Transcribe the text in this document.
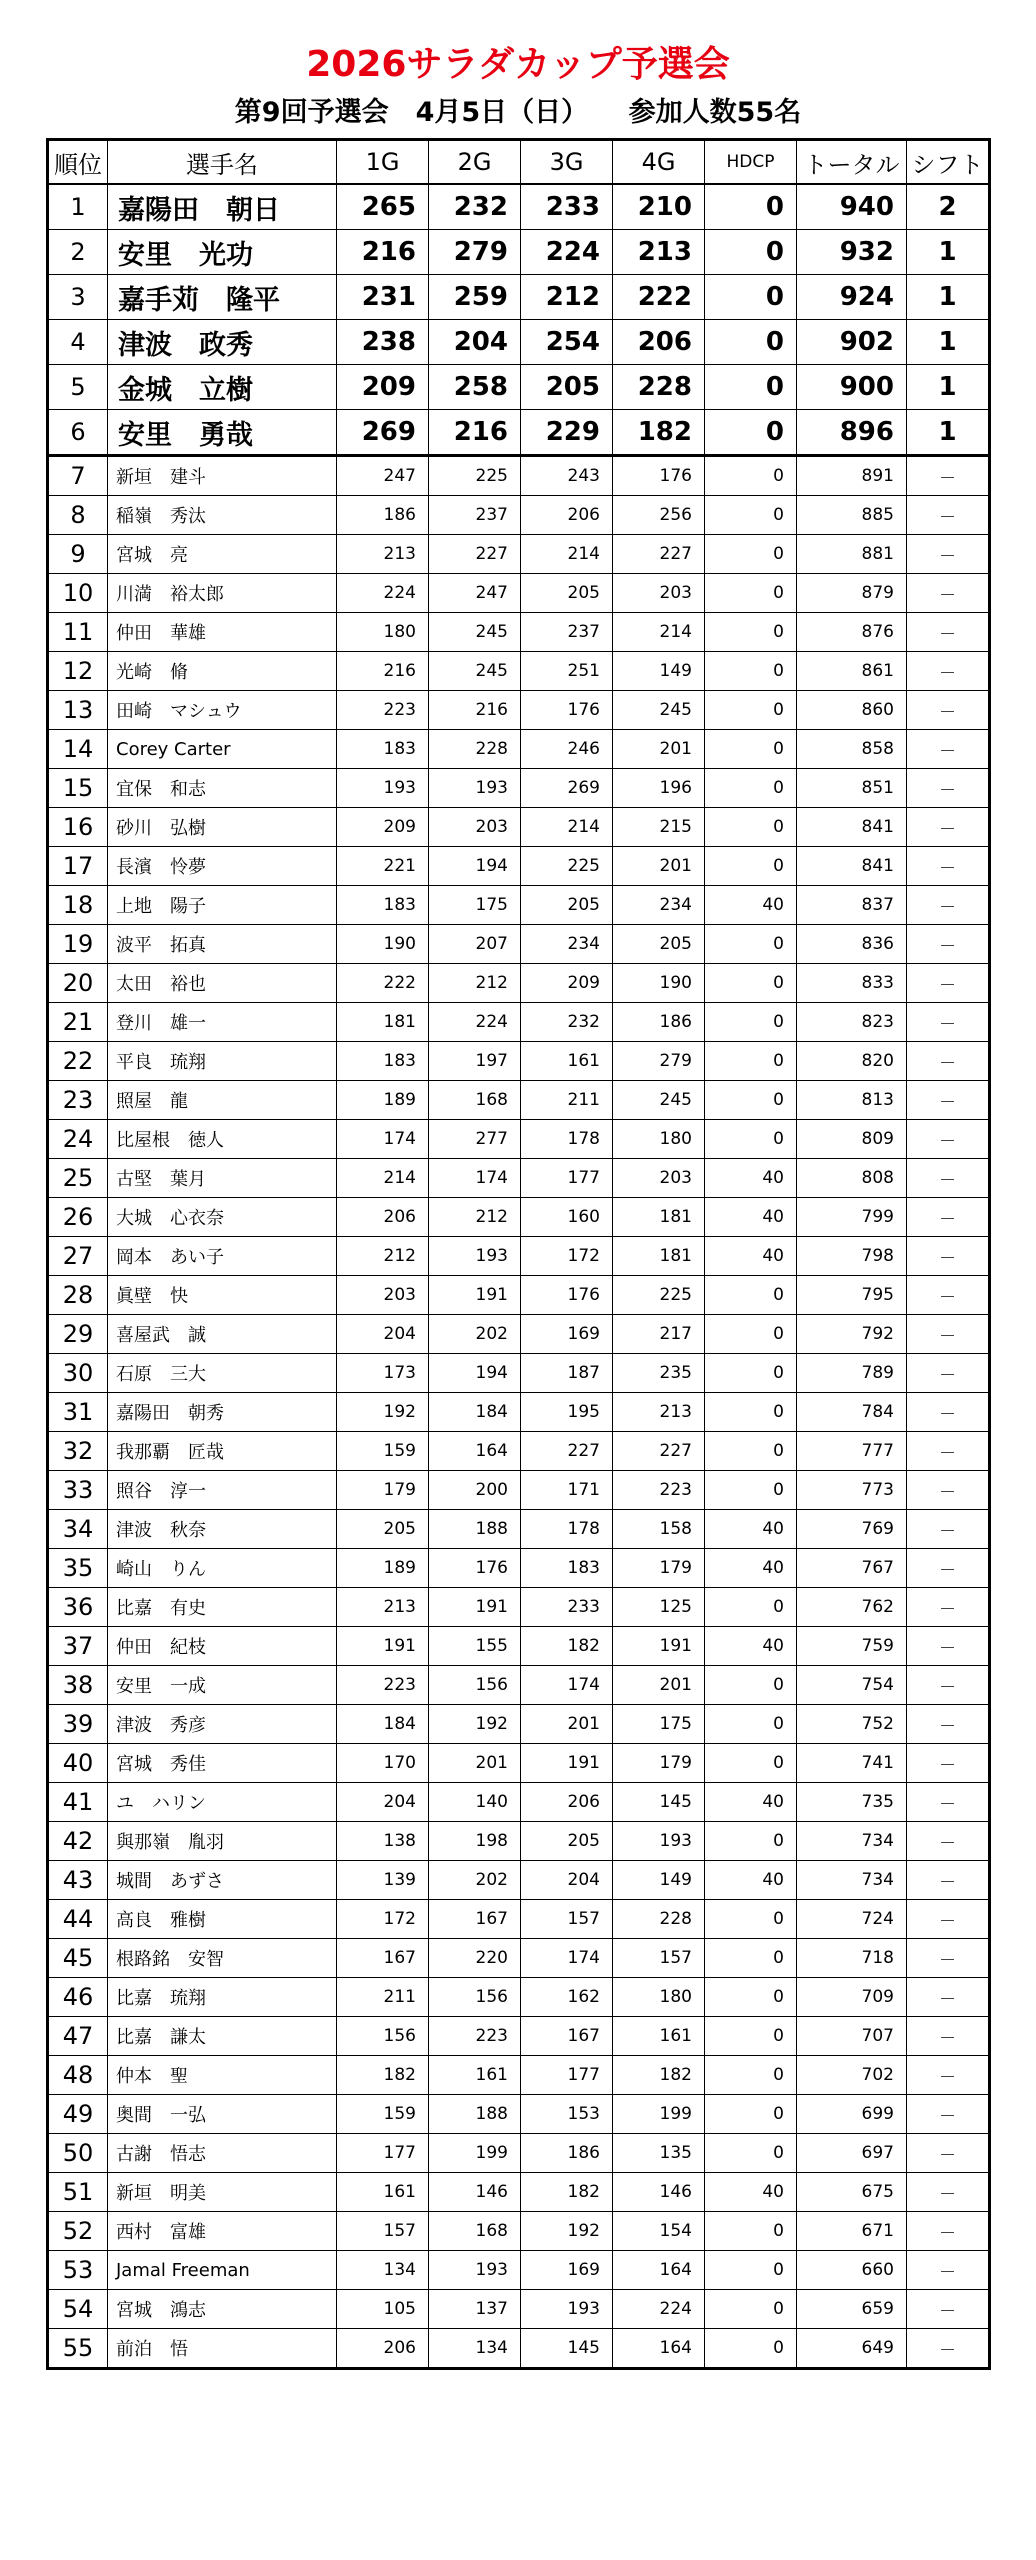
2026サラダカップ予選会
第9回予選会　4月5日（日）　　参加人数55名
順位	選手名	1G	2G	3G	4G	HDCP	トータル	シフト
1	嘉陽田　朝日	265	232	233	210	0	940	2
2	安里　光功	216	279	224	213	0	932	1
3	嘉手苅　隆平	231	259	212	222	0	924	1
4	津波　政秀	238	204	254	206	0	902	1
5	金城　立樹	209	258	205	228	0	900	1
6	安里　勇哉	269	216	229	182	0	896	1
7	新垣　建斗	247	225	243	176	0	891	－
8	稲嶺　秀汰	186	237	206	256	0	885	－
9	宮城　亮	213	227	214	227	0	881	－
10	川満　裕太郎	224	247	205	203	0	879	－
11	仲田　華雄	180	245	237	214	0	876	－
12	光崎　脩	216	245	251	149	0	861	－
13	田崎　マシュウ	223	216	176	245	0	860	－
14	Corey Carter	183	228	246	201	0	858	－
15	宜保　和志	193	193	269	196	0	851	－
16	砂川　弘樹	209	203	214	215	0	841	－
17	長濱　怜夢	221	194	225	201	0	841	－
18	上地　陽子	183	175	205	234	40	837	－
19	波平　拓真	190	207	234	205	0	836	－
20	太田　裕也	222	212	209	190	0	833	－
21	登川　雄一	181	224	232	186	0	823	－
22	平良　琉翔	183	197	161	279	0	820	－
23	照屋　龍	189	168	211	245	0	813	－
24	比屋根　徳人	174	277	178	180	0	809	－
25	古堅　葉月	214	174	177	203	40	808	－
26	大城　心衣奈	206	212	160	181	40	799	－
27	岡本　あい子	212	193	172	181	40	798	－
28	眞壁　快	203	191	176	225	0	795	－
29	喜屋武　誠	204	202	169	217	0	792	－
30	石原　三大	173	194	187	235	0	789	－
31	嘉陽田　朝秀	192	184	195	213	0	784	－
32	我那覇　匠哉	159	164	227	227	0	777	－
33	照谷　淳一	179	200	171	223	0	773	－
34	津波　秋奈	205	188	178	158	40	769	－
35	崎山　りん	189	176	183	179	40	767	－
36	比嘉　有史	213	191	233	125	0	762	－
37	仲田　紀枝	191	155	182	191	40	759	－
38	安里　一成	223	156	174	201	0	754	－
39	津波　秀彦	184	192	201	175	0	752	－
40	宮城　秀佳	170	201	191	179	0	741	－
41	ユ　ハリン	204	140	206	145	40	735	－
42	與那嶺　胤羽	138	198	205	193	0	734	－
43	城間　あずさ	139	202	204	149	40	734	－
44	高良　雅樹	172	167	157	228	0	724	－
45	根路銘　安智	167	220	174	157	0	718	－
46	比嘉　琉翔	211	156	162	180	0	709	－
47	比嘉　謙太	156	223	167	161	0	707	－
48	仲本　聖	182	161	177	182	0	702	－
49	奥間　一弘	159	188	153	199	0	699	－
50	古謝　悟志	177	199	186	135	0	697	－
51	新垣　明美	161	146	182	146	40	675	－
52	西村　富雄	157	168	192	154	0	671	－
53	Jamal Freeman	134	193	169	164	0	660	－
54	宮城　鴻志	105	137	193	224	0	659	－
55	前泊　悟	206	134	145	164	0	649	－
